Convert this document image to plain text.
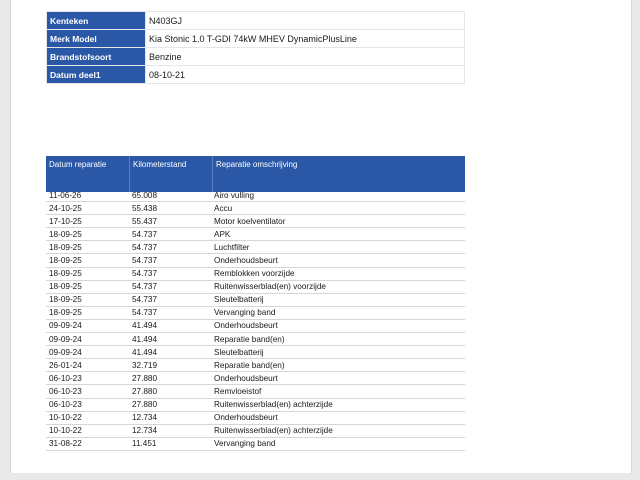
Kenteken	N403GJ
Merk Model	Kia Stonic 1.0 T-GDI 74kW MHEV DynamicPlusLine
Brandstofsoort	Benzine
Datum deel1	08-10-21
Datum reparatie	Kilometerstand	Reparatie omschrijving
11-06-26	65.008	Airo vulling
24-10-25	55.438	Accu
17-10-25	55.437	Motor koelventilator
18-09-25	54.737	APK
18-09-25	54.737	Luchtfilter
18-09-25	54.737	Onderhoudsbeurt
18-09-25	54.737	Remblokken voorzijde
18-09-25	54.737	Ruitenwisserblad(en) voorzijde
18-09-25	54.737	Sleutelbatterij
18-09-25	54.737	Vervanging band
09-09-24	41.494	Onderhoudsbeurt
09-09-24	41.494	Reparatie band(en)
09-09-24	41.494	Sleutelbatterij
26-01-24	32.719	Reparatie band(en)
06-10-23	27.880	Onderhoudsbeurt
06-10-23	27.880	Remvloeistof
06-10-23	27.880	Ruitenwisserblad(en) achterzijde
10-10-22	12.734	Onderhoudsbeurt
10-10-22	12.734	Ruitenwisserblad(en) achterzijde
31-08-22	11.451	Vervanging band
